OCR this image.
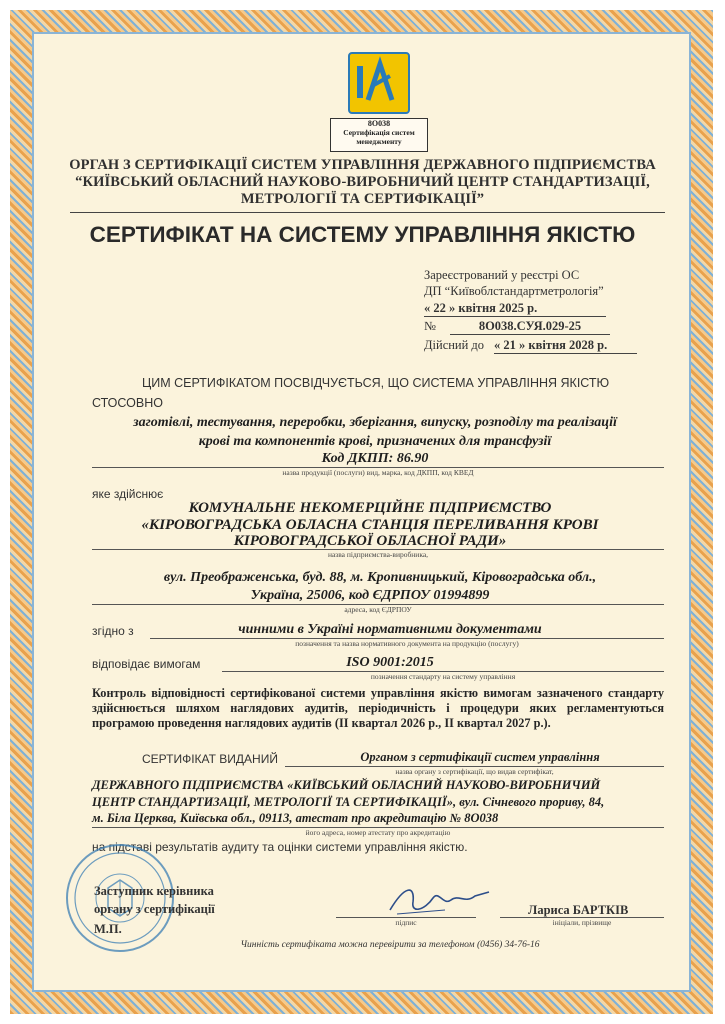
8О038
Сертифікація систем
менеджменту
ОРГАН З СЕРТИФІКАЦІЇ СИСТЕМ УПРАВЛІННЯ ДЕРЖАВНОГО ПІДПРИЄМСТВА
“КИЇВСЬКИЙ ОБЛАСНИЙ НАУКОВО-ВИРОБНИЧИЙ ЦЕНТР СТАНДАРТИЗАЦІЇ,
МЕТРОЛОГІЇ ТА СЕРТИФІКАЦІЇ”
СЕРТИФІКАТ НА СИСТЕМУ УПРАВЛІННЯ ЯКІСТЮ
Зареєстрований у реєстрі ОС
ДП “Київоблстандартметрологія”
« 22 » квітня 2025 р.
№	8О038.СУЯ.029-25
Дійсний до « 21 » квітня 2028 р.
ЦИМ СЕРТИФІКАТОМ ПОСВІДЧУЄТЬСЯ, ЩО СИСТЕМА УПРАВЛІННЯ ЯКІСТЮ
СТОСОВНО
заготівлі, тестування, переробки, зберігання, випуску, розподілу та реалізації
крові та компонентів крові, призначених для трансфузії
Код ДКПП: 86.90
назва продукції (послуги) вид, марка, код ДКПП, код КВЕД
яке здійснює
КОМУНАЛЬНЕ НЕКОМЕРЦІЙНЕ ПІДПРИЄМСТВО
«КІРОВОГРАДСЬКА ОБЛАСНА СТАНЦІЯ ПЕРЕЛИВАННЯ КРОВІ
КІРОВОГРАДСЬКОЇ ОБЛАСНОЇ РАДИ»
назва підприємства-виробника,
вул. Преображенська, буд. 88, м. Кропивницький, Кіровоградська обл.,
Україна, 25006, код ЄДРПОУ 01994899
адреса, код ЄДРПОУ
згідно з	чинними в Україні нормативними документами
позначення та назва нормативного документа на продукцію (послугу)
відповідає вимогам	ISO 9001:2015
позначення стандарту на систему управління
Контроль відповідності сертифікованої системи управління якістю вимогам зазначеного стандарту здійснюється шляхом наглядових аудитів, періодичність і процедури яких регламентуються програмою проведення наглядових аудитів (ІІ квартал 2026 р., ІІ квартал 2027 р.).
СЕРТИФІКАТ ВИДАНИЙ	Органом з сертифікації систем управління
назва органу з сертифікації, що видав сертифікат,
ДЕРЖАВНОГО ПІДПРИЄМСТВА «КИЇВСЬКИЙ ОБЛАСНИЙ НАУКОВО-ВИРОБНИЧИЙ
ЦЕНТР СТАНДАРТИЗАЦІЇ, МЕТРОЛОГІЇ ТА СЕРТИФІКАЦІЇ», вул. Січневого прориву, 84,
м. Біла Церква, Київська обл., 09113, атестат про акредитацію № 8О038
його адреса, номер атестату про акредитацію
на підставі результатів аудиту та оцінки системи управління якістю.
Заступник керівника
органу з сертифікації
М.П.	підпис
Лариса БАРТКІВ
ініціали, прізвище
Чинність сертифіката можна перевірити за телефоном (0456) 34-76-16
